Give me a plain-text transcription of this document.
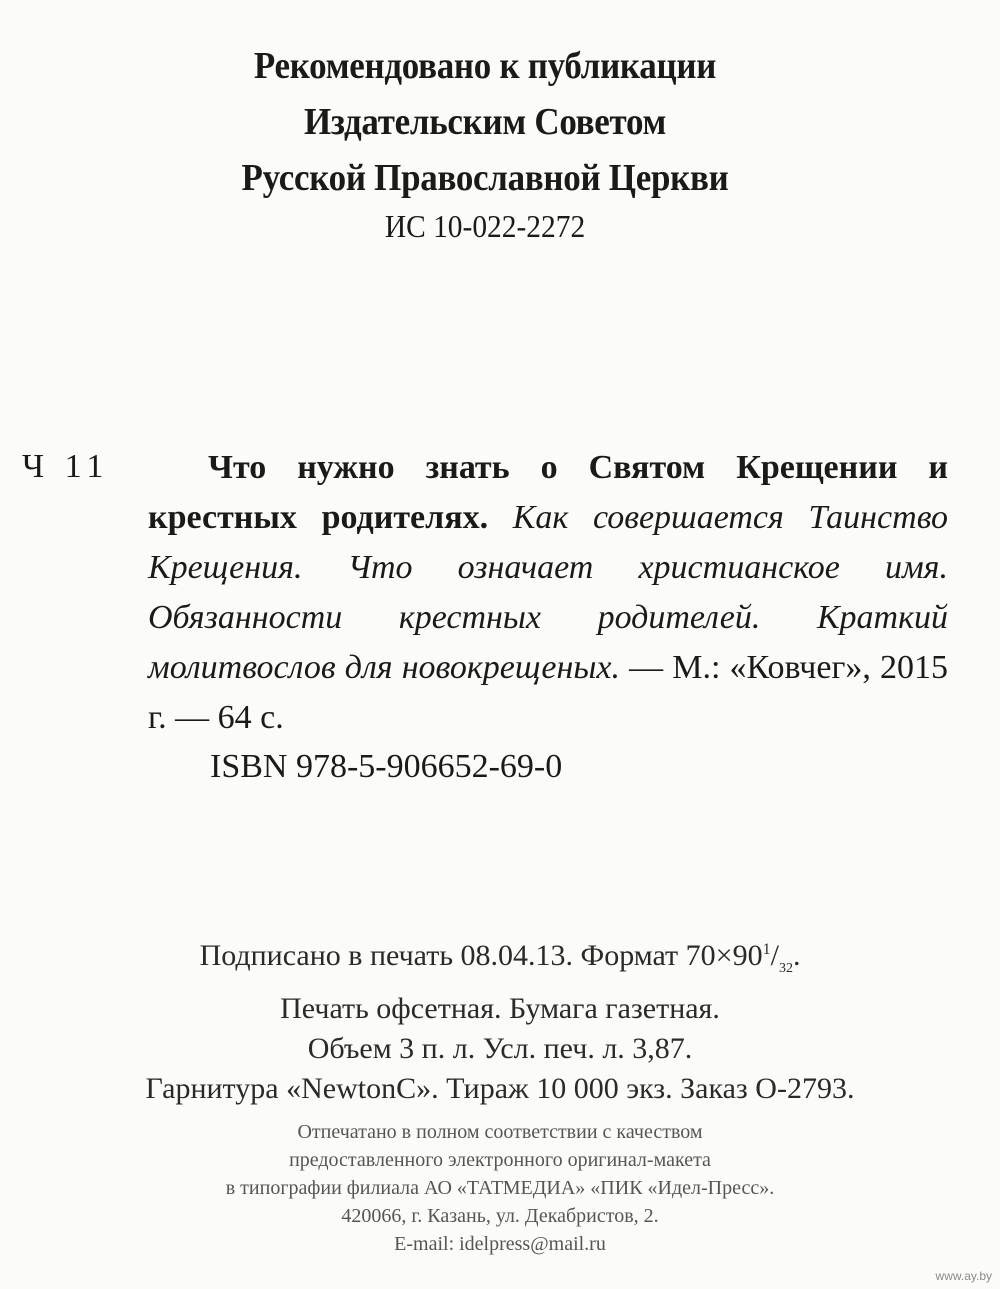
Рекомендовано к публикации
Издательским Советом
Русской Православной Церкви
ИС 10-022-2272
Ч 11	Что нужно знать о Святом Крещении и крестных родителях. Как совершается Таинство Крещения. Что означает христианское имя. Обязанности крестных родителей. Краткий молитвослов для новокрещеных. — М.: «Ковчег», 2015 г. — 64 с.
ISBN 978-5-906652-69-0
Подписано в печать 08.04.13. Формат $70\times 90^1/_{32}$.
Печать офсетная. Бумага газетная.
Объем 3 п. л. Усл. печ. л. 3,87.
Гарнитура «NewtonC». Тираж 10 000 экз. Заказ О-2793.
Отпечатано в полном соответствии с качеством
предоставленного электронного оригинал-макета
в типографии филиала АО «ТАТМЕДИА» «ПИК «Идел-Пресс».
420066, г. Казань, ул. Декабристов, 2.
E-mail: idelpress@mail.ru
www.ay.by
